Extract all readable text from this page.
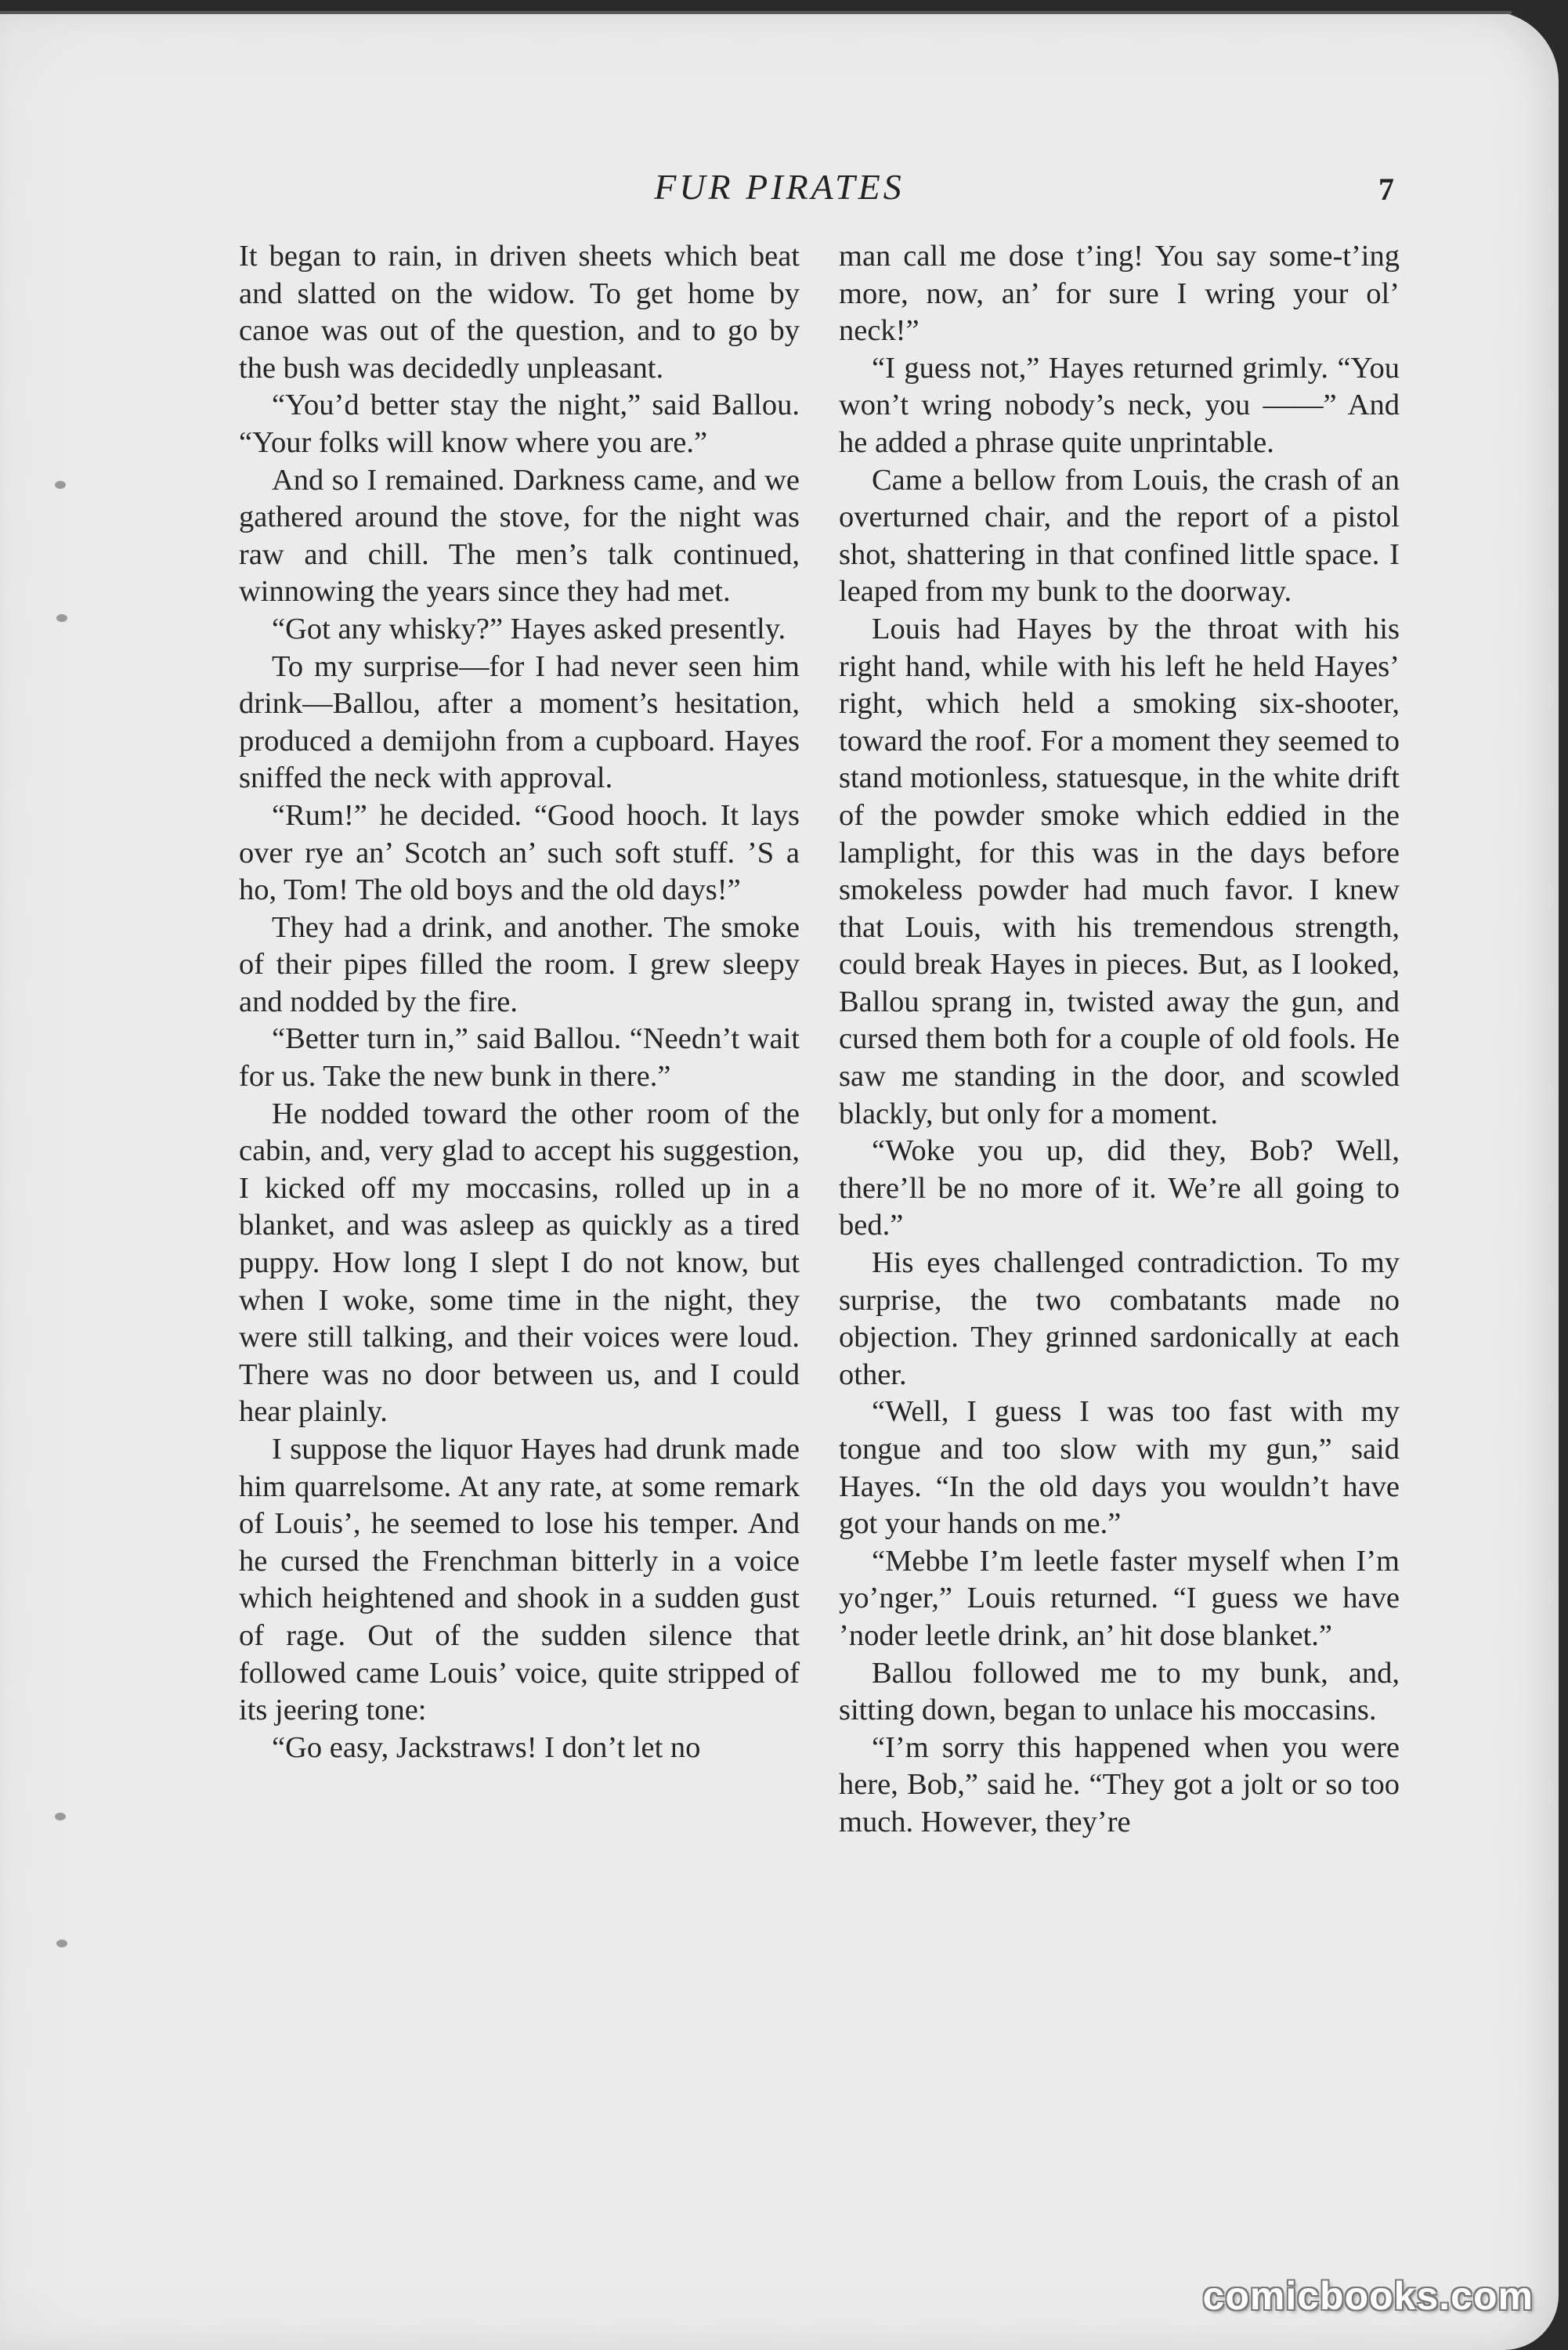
FUR PIRATES	7

It began to rain, in driven sheets which beat and slatted on the widow. To get home by canoe was out of the question, and to go by the bush was decidedly unpleasant.

“You’d better stay the night,” said Ballou. “Your folks will know where you are.”

And so I remained. Darkness came, and we gathered around the stove, for the night was raw and chill. The men’s talk continued, winnowing the years since they had met.

“Got any whisky?” Hayes asked presently.

To my surprise—for I had never seen him drink—Ballou, after a moment’s hesitation, produced a demijohn from a cupboard. Hayes sniffed the neck with approval.

“Rum!” he decided. “Good hooch. It lays over rye an’ Scotch an’ such soft stuff. ’S a ho, Tom! The old boys and the old days!”

They had a drink, and another. The smoke of their pipes filled the room. I grew sleepy and nodded by the fire.

“Better turn in,” said Ballou. “Needn’t wait for us. Take the new bunk in there.”

He nodded toward the other room of the cabin, and, very glad to accept his suggestion, I kicked off my moccasins, rolled up in a blanket, and was asleep as quickly as a tired puppy. How long I slept I do not know, but when I woke, some time in the night, they were still talking, and their voices were loud. There was no door between us, and I could hear plainly.

I suppose the liquor Hayes had drunk made him quarrelsome. At any rate, at some remark of Louis’, he seemed to lose his temper. And he cursed the Frenchman bitterly in a voice which heightened and shook in a sudden gust of rage. Out of the sudden silence that followed came Louis’ voice, quite stripped of its jeering tone:

“Go easy, Jackstraws! I don’t let no

man call me dose t’ing! You say some-t’ing more, now, an’ for sure I wring your ol’ neck!”

“I guess not,” Hayes returned grimly. “You won’t wring nobody’s neck, you ——” And he added a phrase quite unprintable.

Came a bellow from Louis, the crash of an overturned chair, and the report of a pistol shot, shattering in that confined little space. I leaped from my bunk to the doorway.

Louis had Hayes by the throat with his right hand, while with his left he held Hayes’ right, which held a smoking six-shooter, toward the roof. For a moment they seemed to stand motionless, statuesque, in the white drift of the powder smoke which eddied in the lamplight, for this was in the days before smokeless powder had much favor. I knew that Louis, with his tremendous strength, could break Hayes in pieces. But, as I looked, Ballou sprang in, twisted away the gun, and cursed them both for a couple of old fools. He saw me standing in the door, and scowled blackly, but only for a moment.

“Woke you up, did they, Bob? Well, there’ll be no more of it. We’re all going to bed.”

His eyes challenged contradiction. To my surprise, the two combatants made no objection. They grinned sardonically at each other.

“Well, I guess I was too fast with my tongue and too slow with my gun,” said Hayes. “In the old days you wouldn’t have got your hands on me.”

“Mebbe I’m leetle faster myself when I’m yo’nger,” Louis returned. “I guess we have ’noder leetle drink, an’ hit dose blanket.”

Ballou followed me to my bunk, and, sitting down, began to unlace his moccasins.

“I’m sorry this happened when you were here, Bob,” said he. “They got a jolt or so too much. However, they’re

comicbooks.com
